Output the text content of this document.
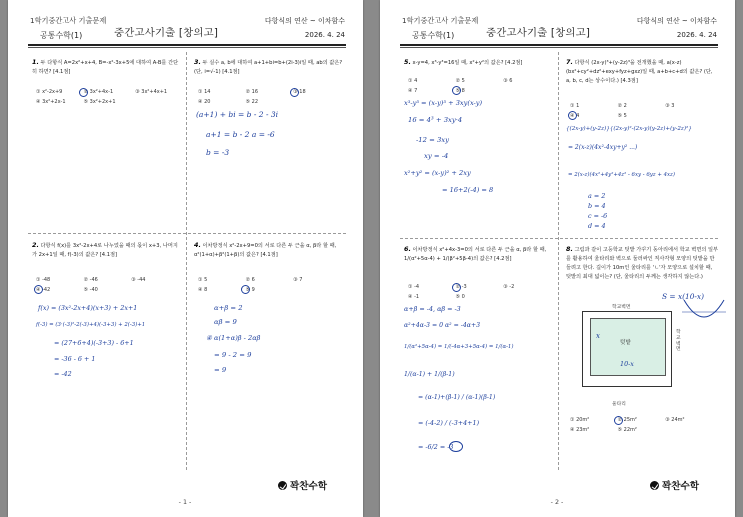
1학기중간고사 기출문제
공통수학(1)	중간고사기출 [창의고]
다항식의 연산 ~ 이차함수
2026. 4. 24
1. 두 다항식 A=2x²+x+4, B=-x²-3x+5에 대하여 A-B를 간단히 하면? [4.1점]
① x²-2x+9	② 3x²+4x-1	③ 3x²+4x+1
④ 3x²+2x-1	⑤ 3x²+2x+1
3. 두 실수 a, b에 대하여 a+1+bi=b+(2i-3)i일 때, ab의 값은? (단, i=√-1) [4.1점]
① 14	② 16	③ 18
④ 20	⑤ 22
(a+1) + bi = b - 2 - 3i
a+1 = b - 2 a = -6
b = -3
2. 다항식 f(x)를 3x²-2x+4로 나누었을 때의 몫이 x+3, 나머지가 2x+1일 때, f(-3)의 값은? [4.1점]
① -48	② -46	③ -44
④ -42	⑤ -40
f(x) = (3x²-2x+4)(x+3) + 2x+1
f(-3) = (3·(-3)²-2(-3)+4)(-3+3) + 2(-3)+1
= (27+6+4)(-3+3) - 6+1
= -36 - 6 + 1
= -42
4. 이차방정식 x²-2x+9=0의 서로 다른 두 근을 α, β라 할 때, α²(1+α)+β²(1+β)의 값은? [4.1점]
① 5	② 6	③ 7
④ 8	⑤ 9
α+β = 2
αβ = 9
④ α(1+α)β - 2αβ
= 9 - 2 = 9
= 9
꽉찬수학
- 1 -
1학기중간고사 기출문제
공통수학(1)	중간고사기출 [창의고]
다항식의 연산 ~ 이차함수
2026. 4. 24
5. x-y=4, x³-y³=16일 때, x²+y²의 값은? [4.2점]
① 4	② 5	③ 6
④ 7	⑤ 8
x³-y³ = (x-y)³ + 3xy(x-y)
16 = 4³ + 3xy·4
-12 = 3xy
xy = -4
x²+y² = (x-y)² + 2xy
= 16+2(-4) = 8
7. 다항식 (2x-y)³+(y-2z)³을 전개했을 때, a(x-z)(bx²+cy²+dz²+exy+fyz+gxz)일 때, a+b+c+d의 값은? (단, a, b, c, d는 상수이다.) [4.3점]
① 1	② 2	③ 3
④ 4	⑤ 5
{(2x-y)+(y-2z)}{(2x-y)²-(2x-y)(y-2z)+(y-2z)²}
= 2(x-z)(4x²-4xy+y² ...)
= 2(x-z)(4x²+4y²+4z² - 6xy - 6yz + 4xz)
a = 2
b = 4
c = -6
d = 4
6. 이차방정식 x²+4x-3=0의 서로 다른 두 근을 α, β라 할 때, 1/(α²+5α-4) + 1/(β²+5β-4)의 값은? [4.2점]
① -4	② -3	③ -2
④ -1	⑤ 0
α+β = -4, αβ = -3
α²+4α-3 = 0 α² = -4α+3
1/(α²+5α-4) = 1/(-4α+3+5α-4) = 1/(α-1)
1/(α-1) + 1/(β-1)
= (α-1)+(β-1) / (α-1)(β-1)
= (-4-2) / (-3+4+1)
= -6/2 = -3
8. 그림과 같이 고등학교 텃밭 가꾸기 동아리에서 학교 벽면의 일부를 활용하여 울타리와 벽으로 둘러싸인 직사각형 모양의 텃밭을 만들려고 한다. 길이가 10m인 울타리를 'ㄴ'자 모양으로 설치할 때, 텃밭의 최대 넓이는? (단, 울타리의 두께는 생각하지 않는다.)
S = x(10-x)
학교벽면
텃밭
울타리
학교벽면
x
10-x
① 20m²	② 25m²	③ 24m²
④ 23m²	⑤ 22m²
꽉찬수학
- 2 -
